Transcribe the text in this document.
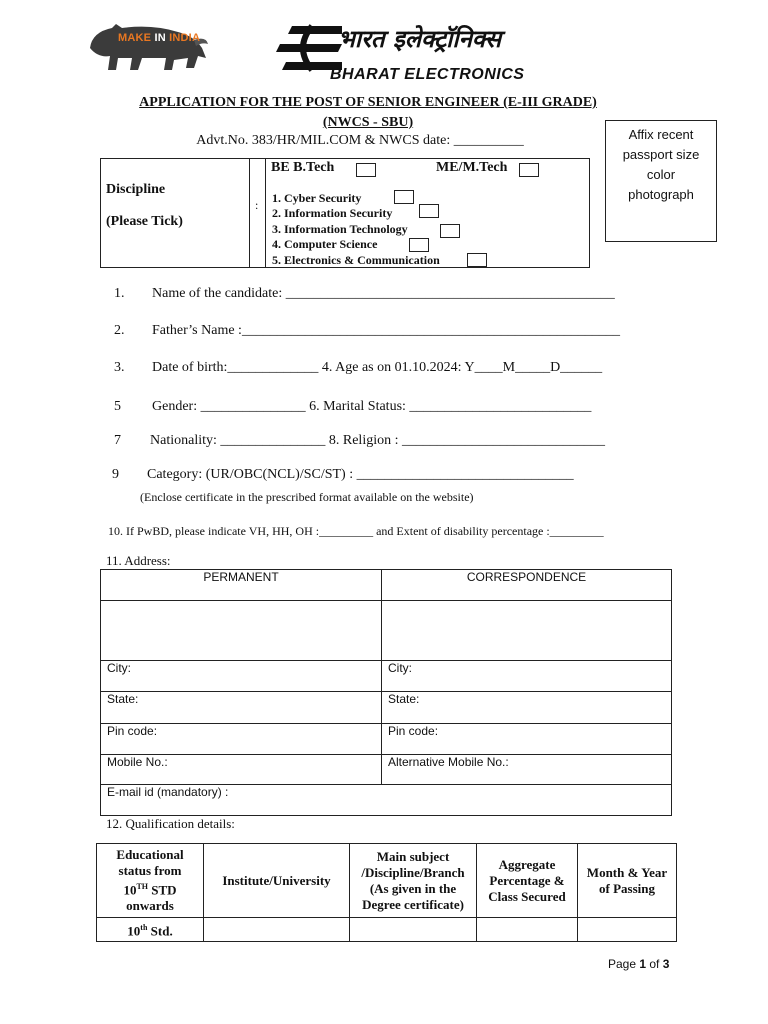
MAKE IN INDIA	भारत इलेक्ट्रॉनिक्स
BHARAT ELECTRONICS
APPLICATION FOR THE POST OF SENIOR ENGINEER (E-III GRADE)
(NWCS - SBU)
Advt.No. 383/HR/MIL.COM & NWCS date: __________	Affix recent
passport size
color
photograph
Discipline
(Please Tick)
:
BE B.Tech	ME/M.Tech
1. Cyber Security
2. Information Security
3. Information Technology
4. Computer Science
5. Electronics & Communication
1. Name of the candidate: _______________________________________________
2. Father’s Name :______________________________________________________
3. Date of birth:_____________ 4. Age as on 01.10.2024: Y____M_____D______
5 Gender: _______________ 6. Marital Status: __________________________
7 Nationality: _______________ 8. Religion : _____________________________
9 Category: (UR/OBC(NCL)/SC/ST) : _______________________________
(Enclose certificate in the prescribed format available on the website)
10. If PwBD, please indicate VH, HH, OH :_________ and Extent of disability percentage :_________
11. Address:
PERMANENT	CORRESPONDENCE

City:	City:
State:	State:
Pin code:	Pin code:
Mobile No.:	Alternative Mobile No.:
E-mail id (mandatory) :	
12. Qualification details:
Educational status from
10TH STD onwards	Institute/University	Main subject /Discipline/Branch (As given in the Degree certificate)	Aggregate Percentage & Class Secured	Month & Year of Passing
10th Std.				
Page 1 of 3
